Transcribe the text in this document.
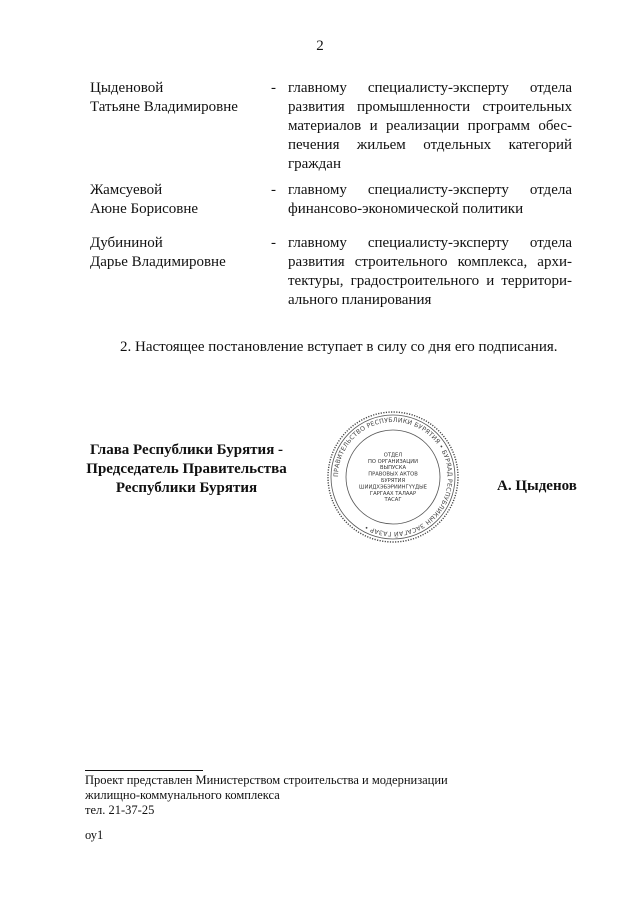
2
Цыденовой
Татьяне Владимировне
- главному специалисту-эксперту отдела
развития промышленности строительных
материалов и реализации программ обес-
печения жильем отдельных категорий
граждан
Жамсуевой
Аюне Борисовне
- главному специалисту-эксперту отдела
финансово-экономической политики
Дубининой
Дарье Владимировне
- главному специалисту-эксперту отдела
развития строительного комплекса, архи-
тектуры, градостроительного и территори-
ального планирования
2. Настоящее постановление вступает в силу со дня его подписания.
Глава Республики Бурятия -
Председатель Правительства
Республики Бурятия
ПРАВИТЕЛЬСТВО РЕСПУБЛИКИ БУРЯТИЯ • БУРЯАД РЕСПУБЛИКЫН ЗАСАГАЙ ГАЗАР •
ОТДЕЛ
ПО ОРГАНИЗАЦИИ
ВЫПУСКА
ПРАВОВЫХ АКТОВ
БУРЯТИЯ
ШИИДХЭБЭРИИНГҮҮДЫЕ
ГАРГААХ ТАЛААР
ТАСАГ
А. Цыденов
Проект представлен Министерством строительства и модернизации
жилищно-коммунального комплекса
тел. 21-37-25
оу1
